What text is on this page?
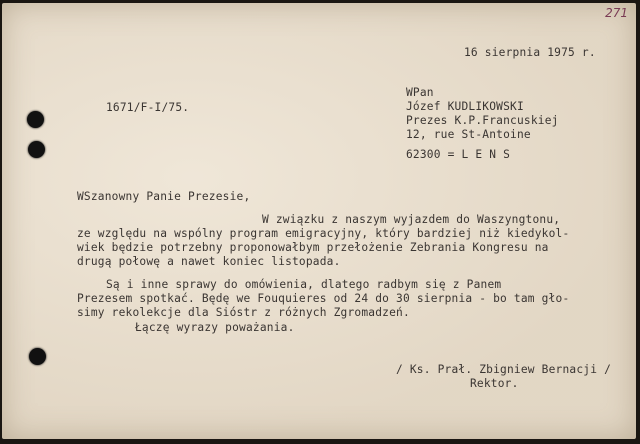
271
16 sierpnia 1975 r.
1671/F-I/75.
WPan
Józef KUDLIKOWSKI
Prezes K.P.Francuskiej
12, rue St-Antoine
62300 = L E N S
WSzanowny Panie Prezesie,
W związku z naszym wyjazdem do Waszyngtonu,
ze względu na wspólny program emigracyjny, który bardziej niż kiedykol-
wiek będzie potrzebny proponowałbym przełożenie Zebrania Kongresu na
drugą połowę a nawet koniec listopada.
Są i inne sprawy do omówienia, dlatego radbym się z Panem
Prezesem spotkać. Będę we Fouquieres od 24 do 30 sierpnia - bo tam gło-
simy rekolekcje dla Sióstr z różnych Zgromadzeń.
Łączę wyrazy poważania.
/ Ks. Prał. Zbigniew Bernacji /
Rektor.
